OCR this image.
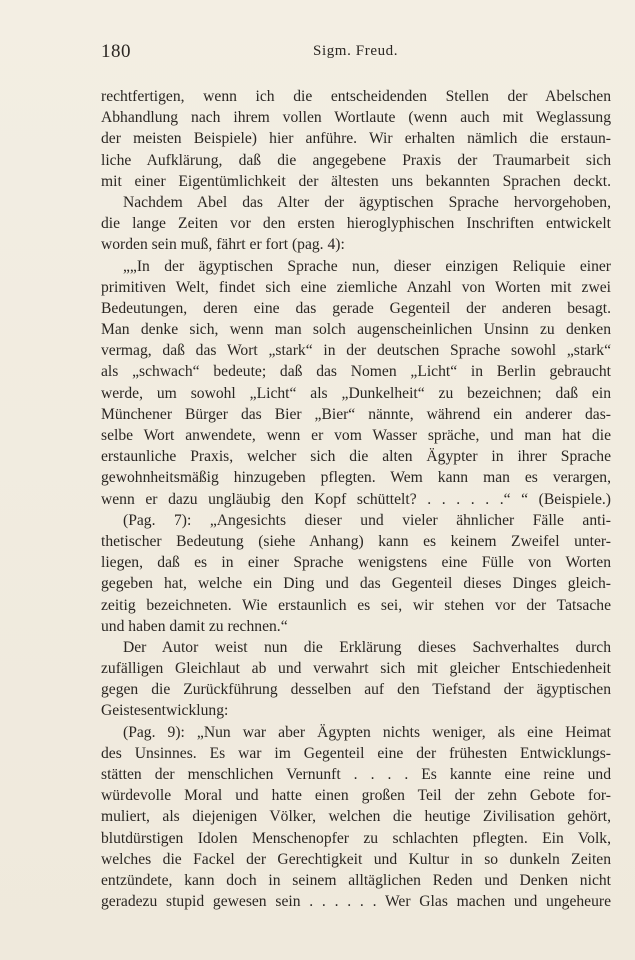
180	Sigm. Freud.
rechtfertigen, wenn ich die entscheidenden Stellen der Abelschen
Abhandlung nach ihrem vollen Wortlaute (wenn auch mit Weglassung
der meisten Beispiele) hier anführe. Wir erhalten nämlich die erstaun-
liche Aufklärung, daß die angegebene Praxis der Traumarbeit sich
mit einer Eigentümlichkeit der ältesten uns bekannten Sprachen deckt.
Nachdem Abel das Alter der ägyptischen Sprache hervorgehoben,
die lange Zeiten vor den ersten hieroglyphischen Inschriften entwickelt
worden sein muß, fährt er fort (pag. 4):
„„In der ägyptischen Sprache nun, dieser einzigen Reliquie einer
primitiven Welt, findet sich eine ziemliche Anzahl von Worten mit zwei
Bedeutungen, deren eine das gerade Gegenteil der anderen besagt.
Man denke sich, wenn man solch augenscheinlichen Unsinn zu denken
vermag, daß das Wort „stark“ in der deutschen Sprache sowohl „stark“
als „schwach“ bedeute; daß das Nomen „Licht“ in Berlin gebraucht
werde, um sowohl „Licht“ als „Dunkelheit“ zu bezeichnen; daß ein
Münchener Bürger das Bier „Bier“ nännte, während ein anderer das-
selbe Wort anwendete, wenn er vom Wasser spräche, und man hat die
erstaunliche Praxis, welcher sich die alten Ägypter in ihrer Sprache
gewohnheitsmäßig hinzugeben pflegten. Wem kann man es verargen,
wenn er dazu ungläubig den Kopf schüttelt? . . . . . .“ “ (Beispiele.)
(Pag. 7): „Angesichts dieser und vieler ähnlicher Fälle anti-
thetischer Bedeutung (siehe Anhang) kann es keinem Zweifel unter-
liegen, daß es in einer Sprache wenigstens eine Fülle von Worten
gegeben hat, welche ein Ding und das Gegenteil dieses Dinges gleich-
zeitig bezeichneten. Wie erstaunlich es sei, wir stehen vor der Tatsache
und haben damit zu rechnen.“
Der Autor weist nun die Erklärung dieses Sachverhaltes durch
zufälligen Gleichlaut ab und verwahrt sich mit gleicher Entschiedenheit
gegen die Zurückführung desselben auf den Tiefstand der ägyptischen
Geistesentwicklung:
(Pag. 9): „Nun war aber Ägypten nichts weniger, als eine Heimat
des Unsinnes. Es war im Gegenteil eine der frühesten Entwicklungs-
stätten der menschlichen Vernunft . . . . Es kannte eine reine und
würdevolle Moral und hatte einen großen Teil der zehn Gebote for-
muliert, als diejenigen Völker, welchen die heutige Zivilisation gehört,
blutdürstigen Idolen Menschenopfer zu schlachten pflegten. Ein Volk,
welches die Fackel der Gerechtigkeit und Kultur in so dunkeln Zeiten
entzündete, kann doch in seinem alltäglichen Reden und Denken nicht
geradezu stupid gewesen sein . . . . . . Wer Glas machen und ungeheure
